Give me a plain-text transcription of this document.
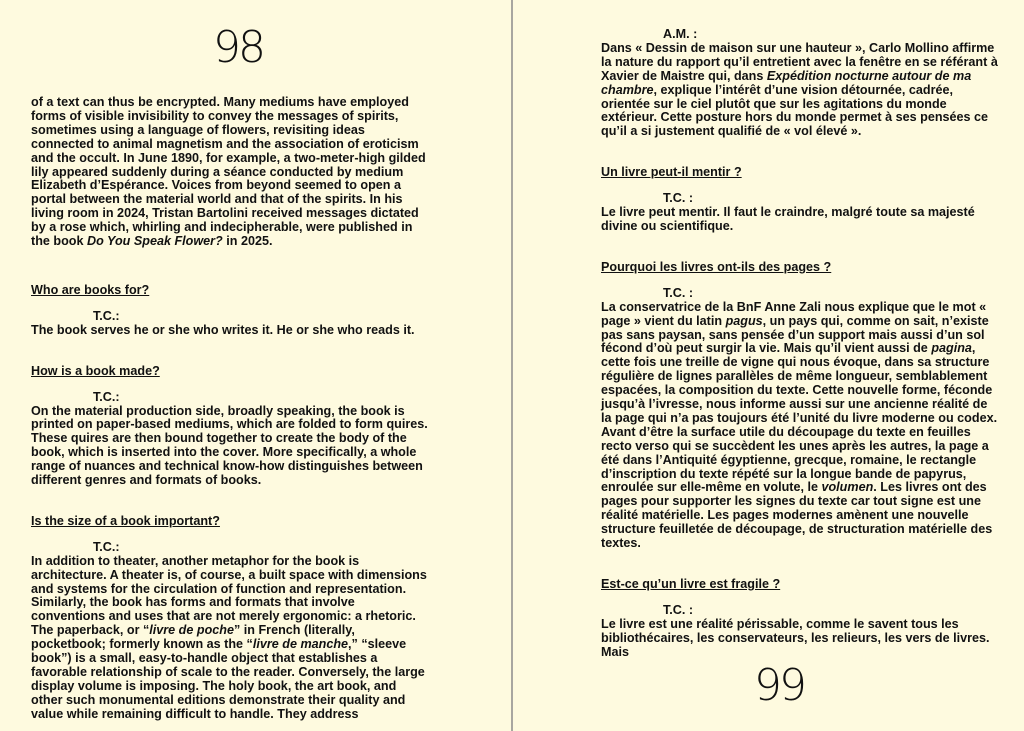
98

of a text can thus be encrypted. Many mediums have employed forms of visible invisibility to convey the messages of spirits, sometimes using a language of flowers, revisiting ideas connected to animal magnetism and the association of eroticism and the occult. In June 1890, for example, a two-meter-high gilded lily appeared suddenly during a séance conducted by medium Elizabeth d’Espérance. Voices from beyond seemed to open a portal between the material world and that of the spirits. In his living room in 2024, Tristan Bartolini received messages dictated by a rose which, whirling and indecipherable, were published in the book Do You Speak Flower? in 2025.

Who are books for?

T.C.:

The book serves he or she who writes it. He or she who reads it.

How is a book made?

T.C.:

On the material production side, broadly speaking, the book is printed on paper-based mediums, which are folded to form quires. These quires are then bound together to create the body of the book, which is inserted into the cover. More specifically, a whole range of nuances and technical know-how distinguishes between different genres and formats of books.

Is the size of a book important?

T.C.:

In addition to theater, another metaphor for the book is architecture. A theater is, of course, a built space with dimensions and systems for the circulation of function and representation. Similarly, the book has forms and formats that involve conventions and uses that are not merely ergonomic: a rhetoric. The paperback, or “livre de poche” in French (literally, pocketbook; formerly known as the “livre de manche,” “sleeve book”) is a small, easy-to-handle object that establishes a favorable relationship of scale to the reader. Conversely, the large display volume is imposing. The holy book, the art book, and other such monumental editions demonstrate their quality and value while remaining difficult to handle. They address

A.M. :

Dans « Dessin de maison sur une hauteur », Carlo Mollino affirme la nature du rapport qu’il entretient avec la fenêtre en se référant à Xavier de Maistre qui, dans Expédition nocturne autour de ma chambre, explique l’intérêt d’une vision détournée, cadrée, orientée sur le ciel plutôt que sur les agitations du monde extérieur. Cette posture hors du monde permet à ses pensées ce qu’il a si justement qualifié de « vol élevé ».

Un livre peut-il mentir ?

T.C. :

Le livre peut mentir. Il faut le craindre, malgré toute sa majesté divine ou scientifique.

Pourquoi les livres ont-ils des pages ?

T.C. :

La conservatrice de la BnF Anne Zali nous explique que le mot « page » vient du latin pagus, un pays qui, comme on sait, n’existe pas sans paysan, sans pensée d’un support mais aussi d’un sol fécond d’où peut surgir la vie. Mais qu’il vient aussi de pagina, cette fois une treille de vigne qui nous évoque, dans sa structure régulière de lignes parallèles de même longueur, semblablement espacées, la composition du texte. Cette nouvelle forme, féconde jusqu’à l’ivresse, nous informe aussi sur une ancienne réalité de la page qui n’a pas toujours été l’unité du livre moderne ou codex. Avant d’être la surface utile du découpage du texte en feuilles recto verso qui se succèdent les unes après les autres, la page a été dans l’Antiquité égyptienne, grecque, romaine, le rectangle d’inscription du texte répété sur la longue bande de papyrus, enroulée sur elle-même en volute, le volumen. Les livres ont des pages pour supporter les signes du texte car tout signe est une réalité matérielle. Les pages modernes amènent une nouvelle structure feuilletée de découpage, de structuration matérielle des textes.

Est-ce qu’un livre est fragile ?

T.C. :

Le livre est une réalité périssable, comme le savent tous les bibliothécaires, les conservateurs, les relieurs, les vers de livres. Mais

99
